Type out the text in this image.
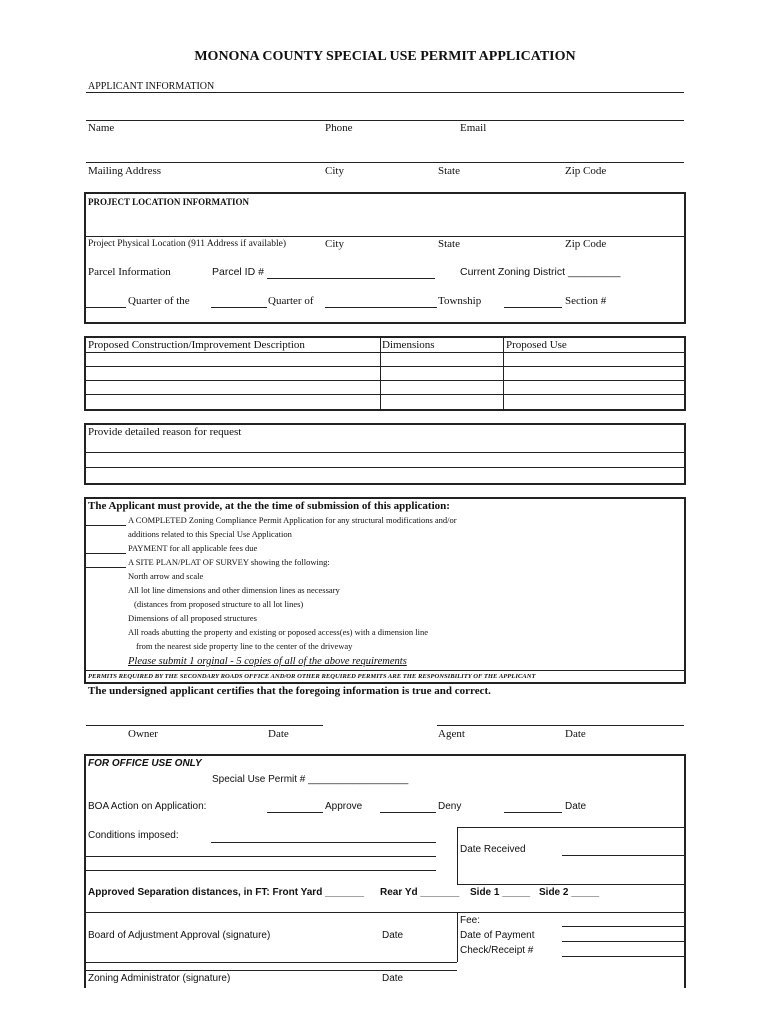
MONONA COUNTY SPECIAL USE PERMIT APPLICATION
APPLICANT INFORMATION
Name	Phone	Email
Mailing Address	City	State	Zip Code
PROJECT LOCATION INFORMATION
Project Physical Location (911 Address if available)	City	State	Zip Code
Parcel Information	Parcel ID #	Current Zoning District _________
Quarter of the	Quarter of	Township	Section #
Proposed Construction/Improvement Description	Dimensions	Proposed Use
Provide detailed reason for request
The Applicant must provide, at the the time of submission of this application:
A COMPLETED Zoning Compliance Permit Application for any structural modifications and/or
additions related to this Special Use Application
PAYMENT for all applicable fees due
A SITE PLAN/PLAT OF SURVEY showing the following:
North arrow and scale
All lot line dimensions and other dimension lines as necessary
(distances from proposed structure to all lot lines)
Dimensions of all proposed structures
All roads abutting the property and existing or poposed access(es) with a dimension line
from the nearest side property line to the center of the driveway
Please submit 1 orginal - 5 copies of all of the above requirements
PERMITS REQUIRED BY THE SECONDARY ROADS OFFICE AND/OR OTHER REQUIRED PERMITS ARE THE RESPONSIBILITY OF THE APPLICANT
The undersigned applicant certifies that the foregoing information is true and correct.
Owner	Date	Agent	Date
FOR OFFICE USE ONLY
Special Use Permit # __________________
BOA Action on Application:	Approve	Deny	Date
Conditions imposed:
Date Received
Approved Separation distances, in FT: Front Yard _______ Rear Yd _______ Side 1 _____ Side 2 _____
Fee:
Date of Payment
Check/Receipt #
Board of Adjustment Approval (signature)	Date
Zoning Administrator (signature)	Date
